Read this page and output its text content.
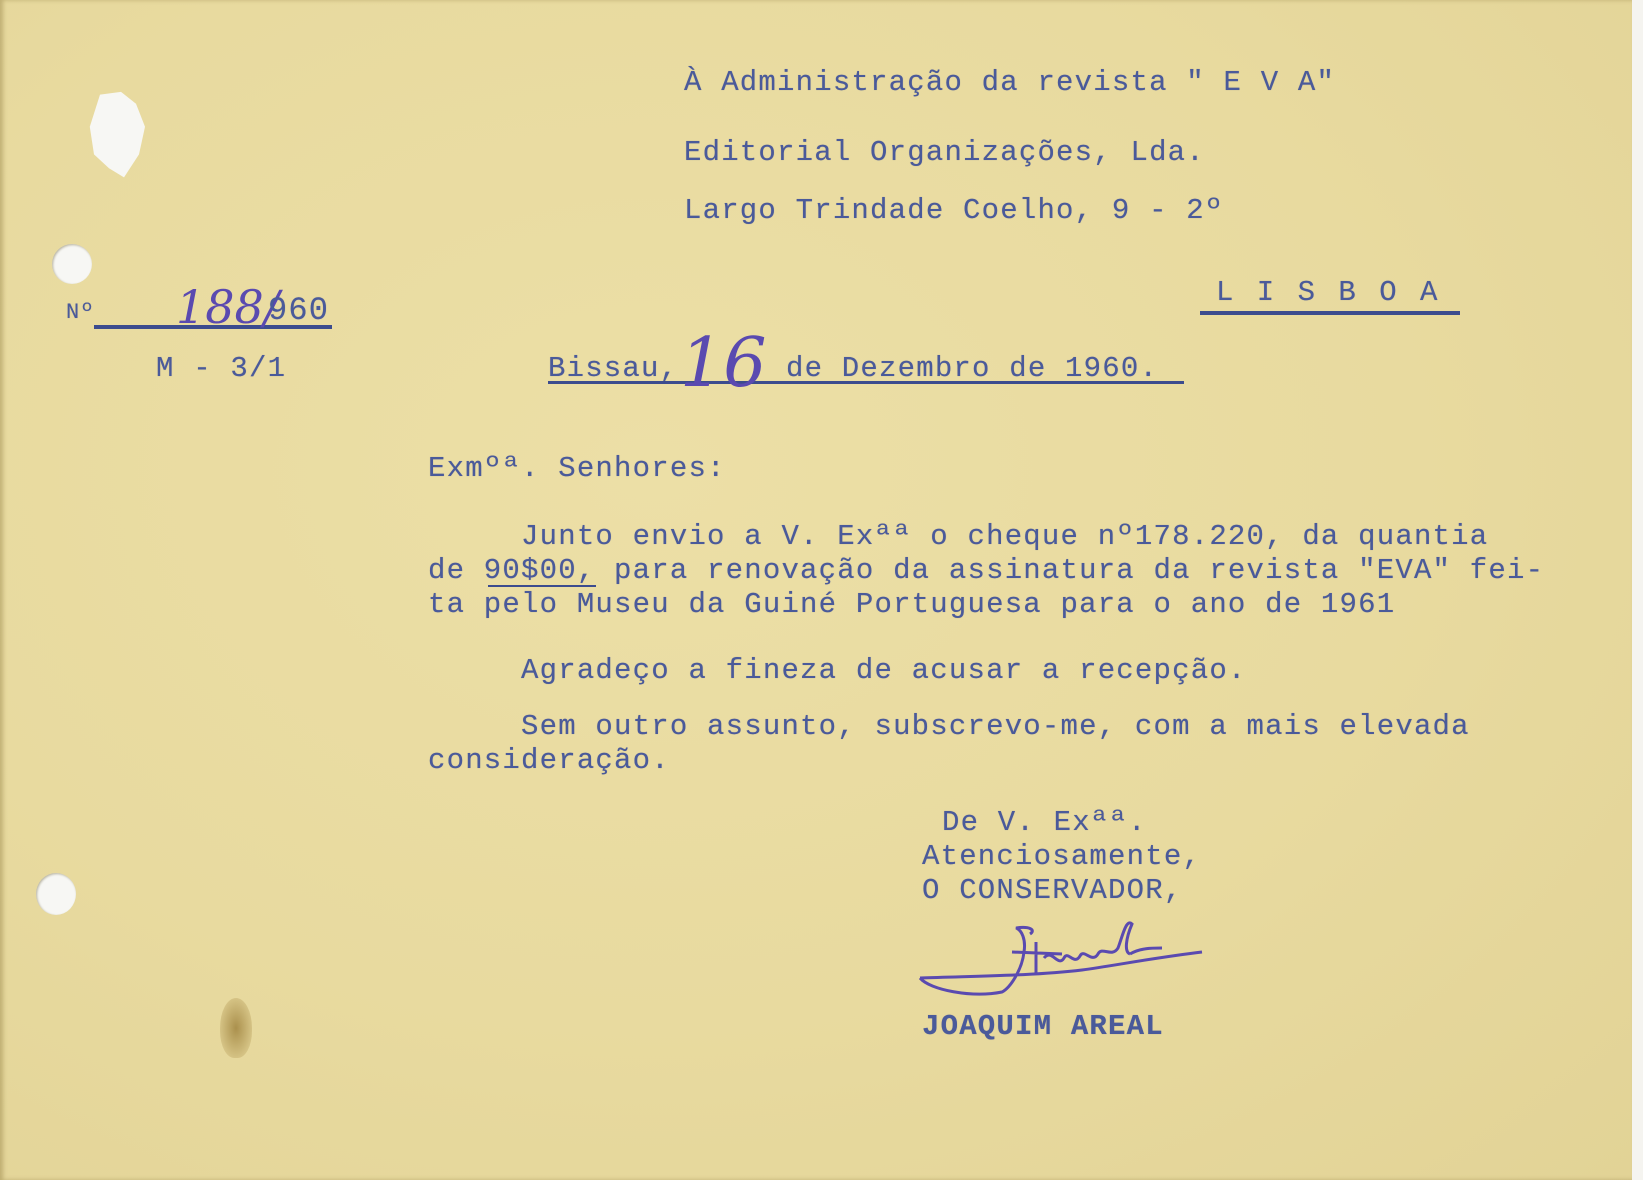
À Administração da revista " E V A"
Editorial Organizações, Lda.
Largo Trindade Coelho, 9 - 2º
L I S B O A
Nº 188/
960
M - 3/1	Bissau, 16 de Dezembro de 1960.
Exmºª. Senhores:
Junto envio a V. Exªª o cheque nº178.220, da quantia
de 90$00, para renovação da assinatura da revista "EVA" fei-
ta pelo Museu da Guiné Portuguesa para o ano de 1961
Agradeço a fineza de acusar a recepção.
Sem outro assunto, subscrevo-me, com a mais elevada
consideração.
De V. Exªª.
Atenciosamente,
O CONSERVADOR,
JOAQUIM AREAL
